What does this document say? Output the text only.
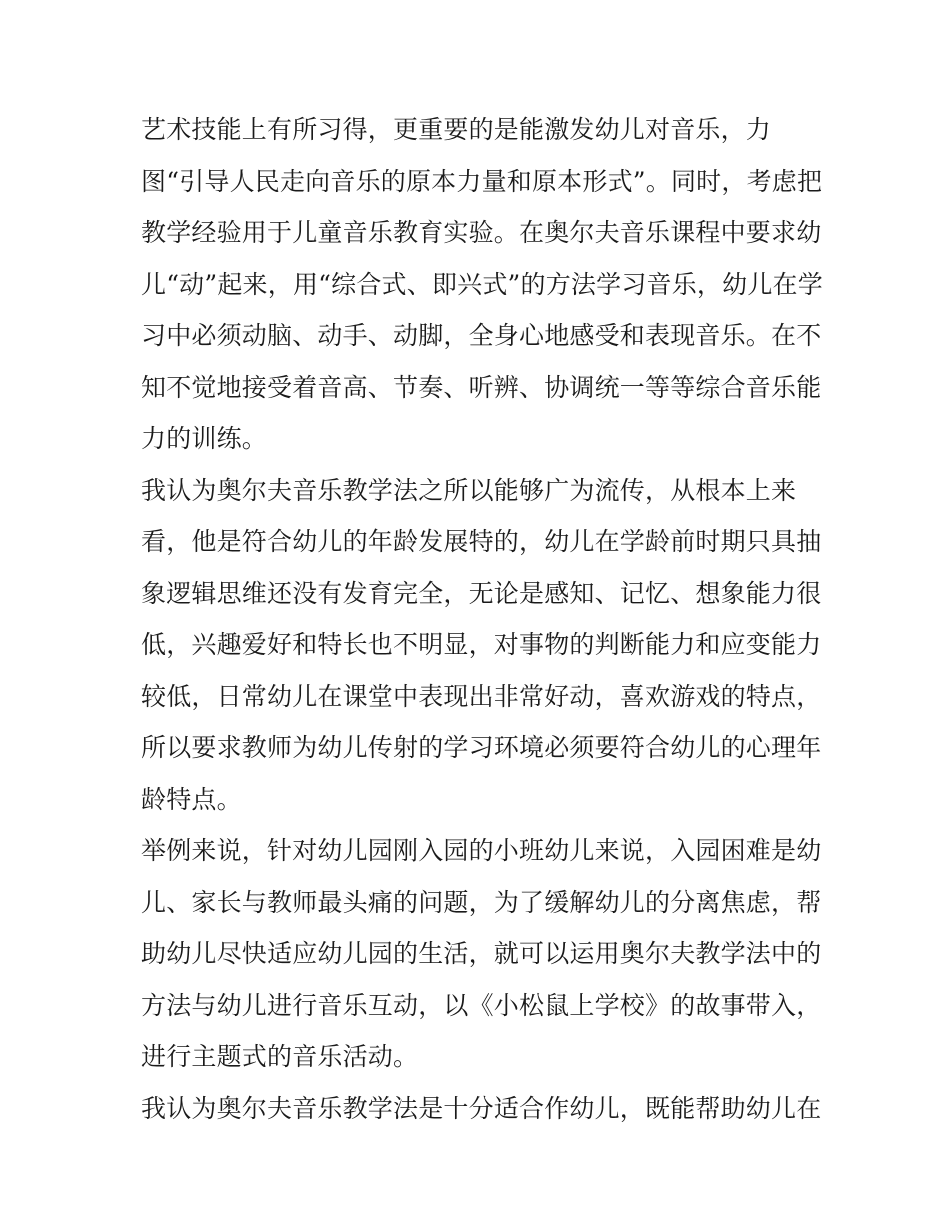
艺术技能上有所习得，更重要的是能激发幼儿对音乐，力
图“引导人民走向音乐的原本力量和原本形式”。同时，考虑把
教学经验用于儿童音乐教育实验。在奥尔夫音乐课程中要求幼
儿“动”起来，用“综合式、即兴式”的方法学习音乐，幼儿在学
习中必须动脑、动手、动脚，全身心地感受和表现音乐。在不
知不觉地接受着音高、节奏、听辨、协调统一等等综合音乐能
力的训练。
我认为奥尔夫音乐教学法之所以能够广为流传，从根本上来
看，他是符合幼儿的年龄发展特的，幼儿在学龄前时期只具抽
象逻辑思维还没有发育完全，无论是感知、记忆、想象能力很
低，兴趣爱好和特长也不明显，对事物的判断能力和应变能力
较低，日常幼儿在课堂中表现出非常好动，喜欢游戏的特点，
所以要求教师为幼儿传射的学习环境必须要符合幼儿的心理年
龄特点。
举例来说，针对幼儿园刚入园的小班幼儿来说，入园困难是幼
儿、家长与教师最头痛的问题，为了缓解幼儿的分离焦虑，帮
助幼儿尽快适应幼儿园的生活，就可以运用奥尔夫教学法中的
方法与幼儿进行音乐互动，以《小松鼠上学校》的故事带入，
进行主题式的音乐活动。
我认为奥尔夫音乐教学法是十分适合作幼儿，既能帮助幼儿在
